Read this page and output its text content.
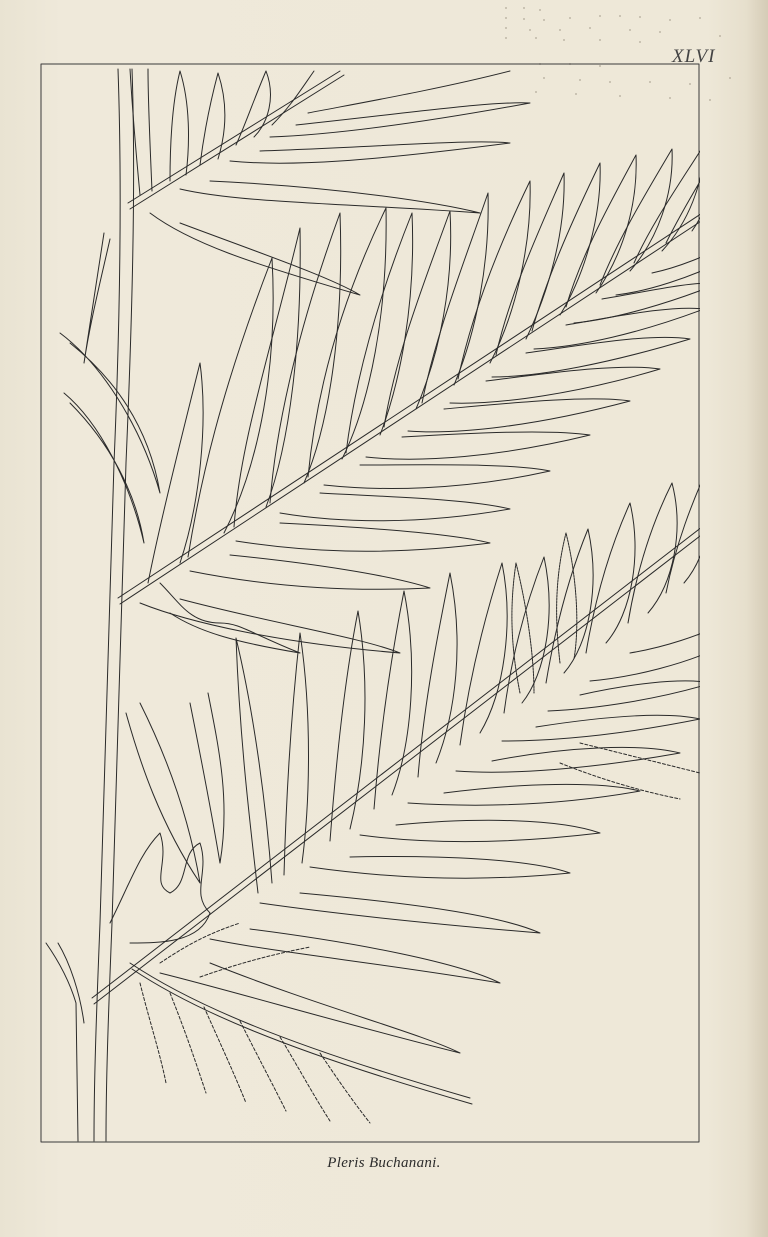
XLVI
Pleris Buchanani.
